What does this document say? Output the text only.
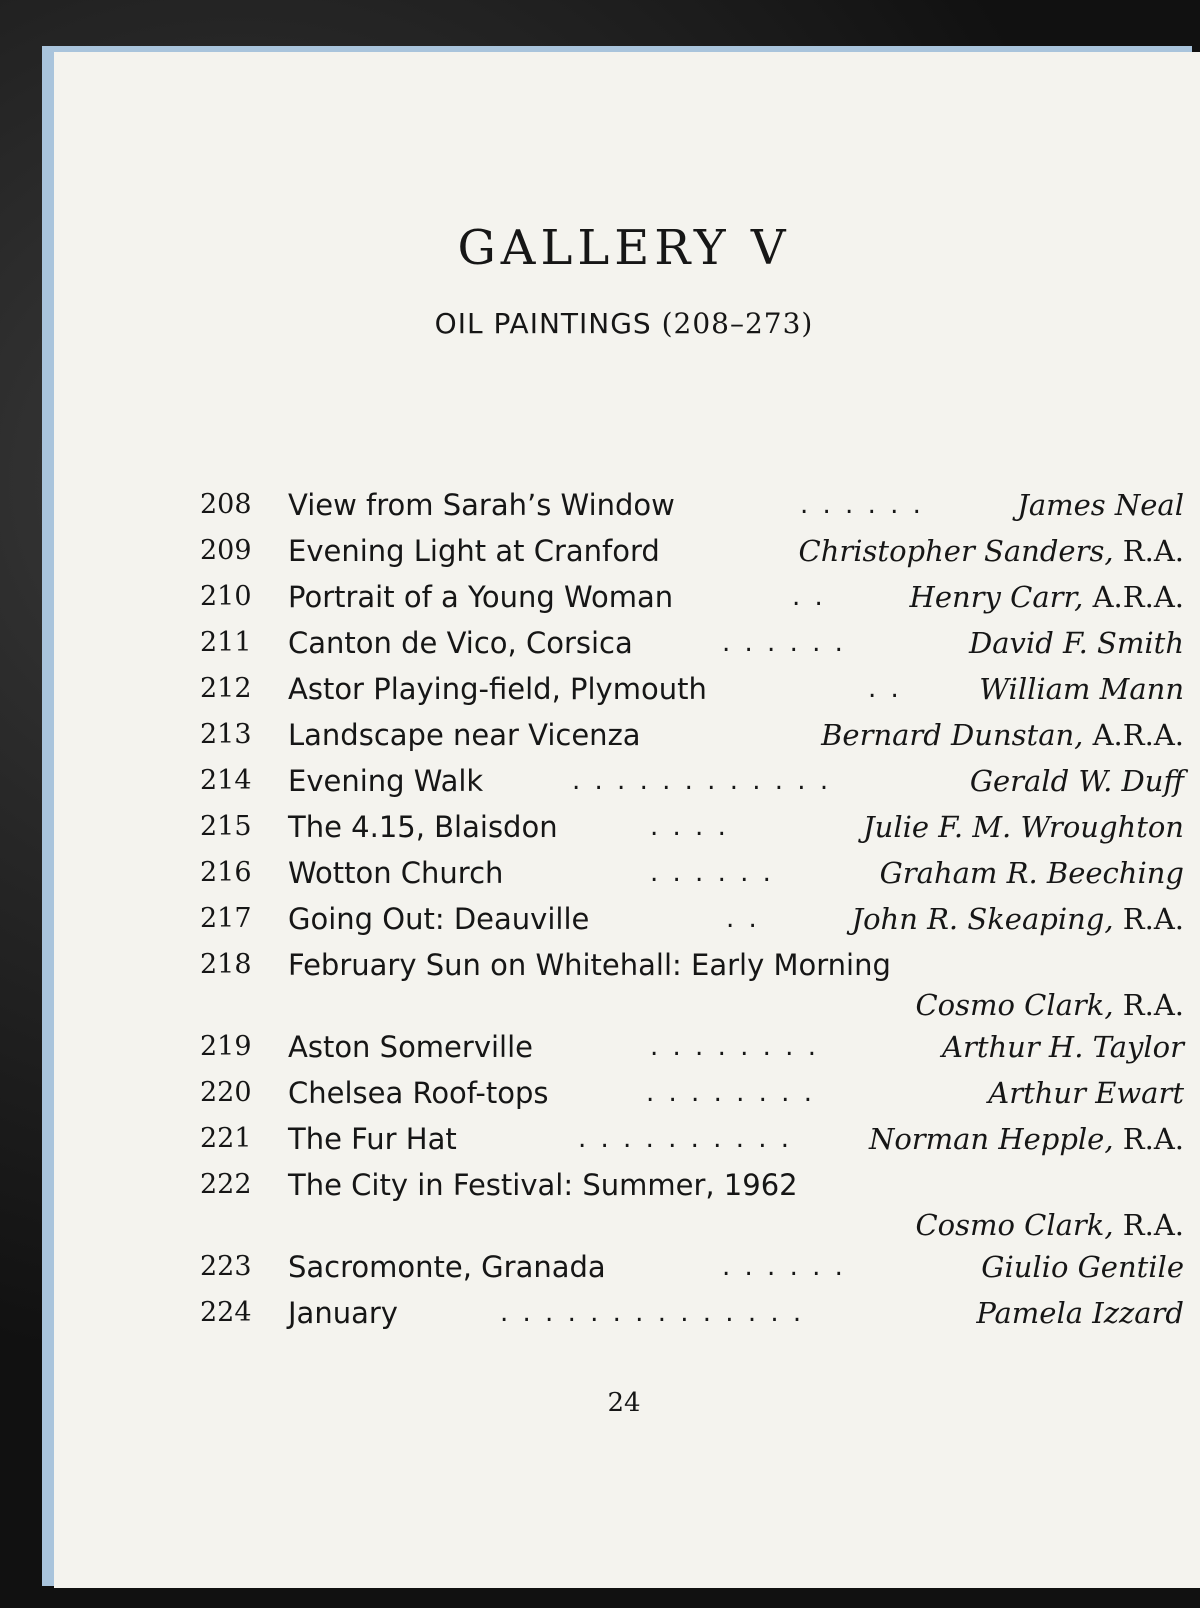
GALLERY V
OIL PAINTINGS (208–273)
208	View from Sarah’s Window	. . . . . .	James Neal
209	Evening Light at Cranford	Christopher Sanders, R.A.
210	Portrait of a Young Woman	. .	Henry Carr, A.R.A.
211	Canton de Vico, Corsica	. . . . . .	David F. Smith
212	Astor Playing-field, Plymouth	. .	William Mann
213	Landscape near Vicenza	Bernard Dunstan, A.R.A.
214	Evening Walk	. . . . . . . . . . . .	Gerald W. Duff
215	The 4.15, Blaisdon	. . . .	Julie F. M. Wroughton
216	Wotton Church	. . . . . .	Graham R. Beeching
217	Going Out: Deauville	. .	John R. Skeaping, R.A.
218	February Sun on Whitehall: Early Morning
Cosmo Clark, R.A.
219	Aston Somerville	. . . . . . . .	Arthur H. Taylor
220	Chelsea Roof-tops	. . . . . . . .	Arthur Ewart
221	The Fur Hat	. . . . . . . . . .	Norman Hepple, R.A.
222	The City in Festival: Summer, 1962
Cosmo Clark, R.A.
223	Sacromonte, Granada	. . . . . .	Giulio Gentile
224	January	. . . . . . . . . . . . . .	Pamela Izzard
24
